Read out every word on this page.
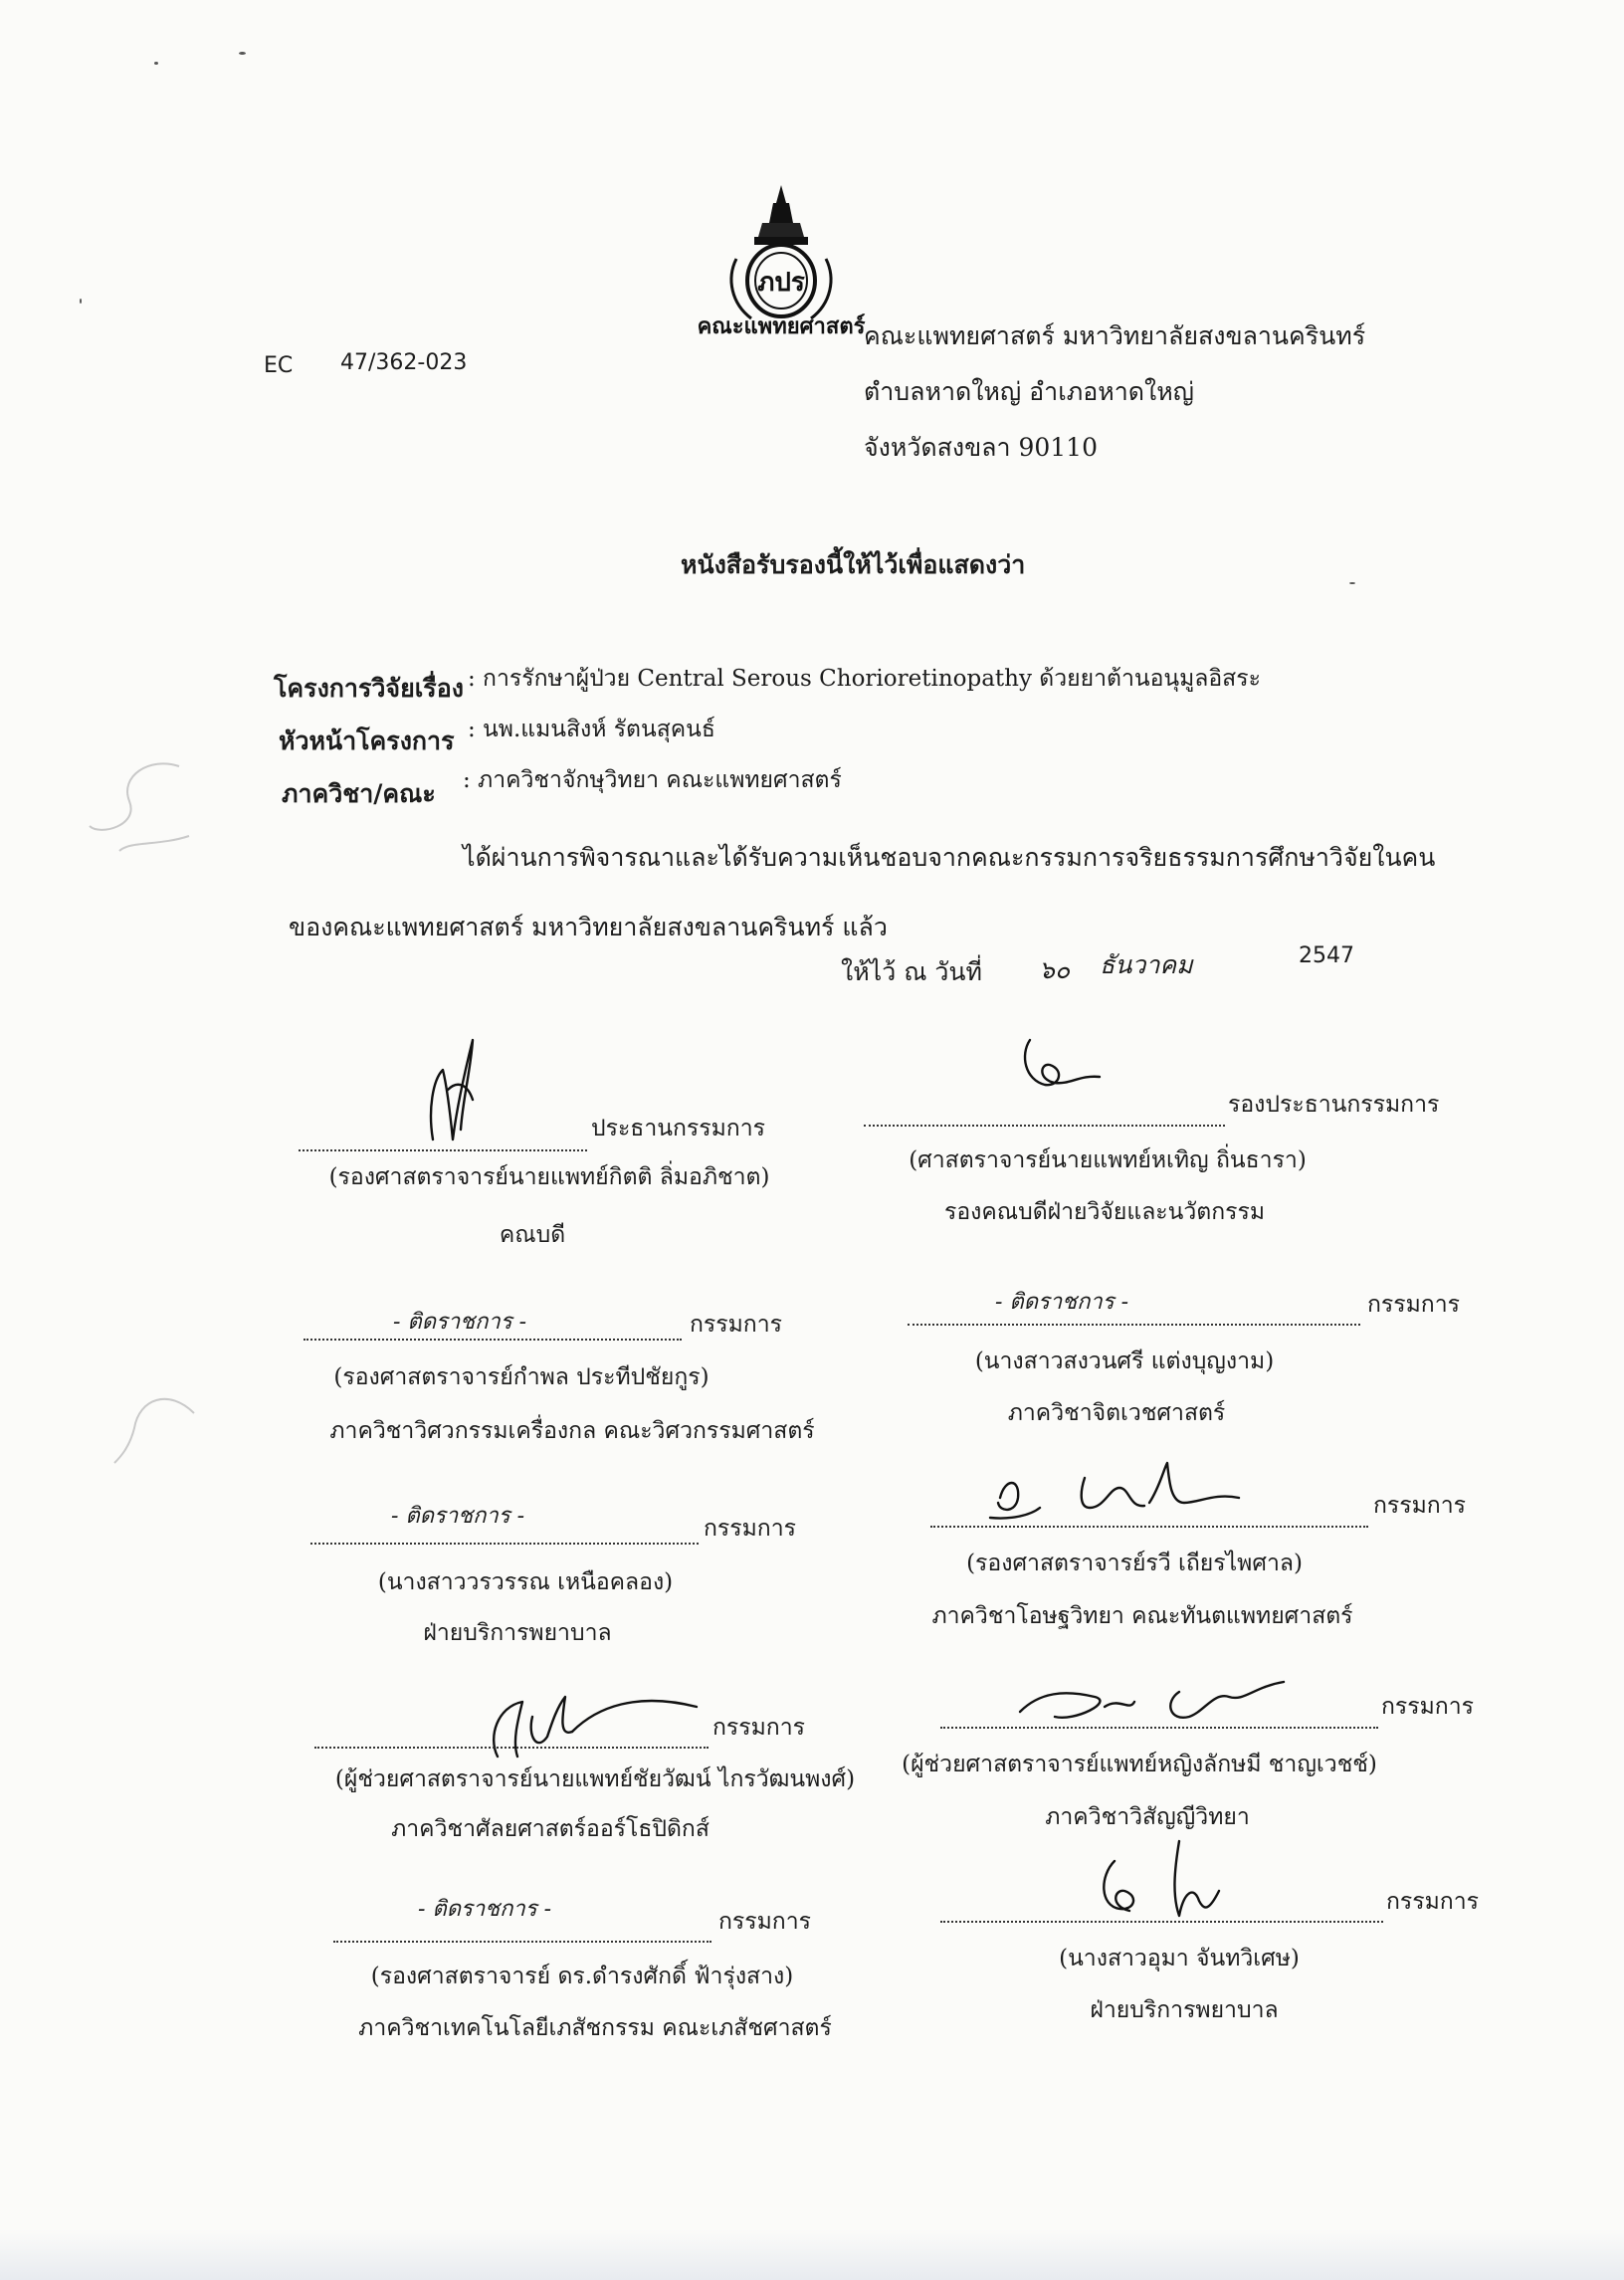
ภปร
คณะแพทยศาสตร์
EC 47/362-023
คณะแพทยศาสตร์ มหาวิทยาลัยสงขลานครินทร์
ตำบลหาดใหญ่ อำเภอหาดใหญ่
จังหวัดสงขลา 90110
หนังสือรับรองนี้ให้ไว้เพื่อแสดงว่า
โครงการวิจัยเรื่อง : การรักษาผู้ป่วย Central Serous Chorioretinopathy ด้วยยาต้านอนุมูลอิสระ
หัวหน้าโครงการ : นพ.แมนสิงห์ รัตนสุคนธ์
ภาควิชา/คณะ : ภาควิชาจักษุวิทยา คณะแพทยศาสตร์
ได้ผ่านการพิจารณาและได้รับความเห็นชอบจากคณะกรรมการจริยธรรมการศึกษาวิจัยในคน
ของคณะแพทยศาสตร์ มหาวิทยาลัยสงขลานครินทร์ แล้ว
ให้ไว้ ณ วันที่ ๖๐ ธันวาคม	2547
ประธานกรรมการ
(รองศาสตราจารย์นายแพทย์กิตติ ลิ่มอภิชาต)
คณบดี
รองประธานกรรมการ
(ศาสตราจารย์นายแพทย์หเทิญ ถิ่นธารา)
รองคณบดีฝ่ายวิจัยและนวัตกรรม
- ติดราชการ -	กรรมการ
(รองศาสตราจารย์กำพล ประทีปชัยกูร)
ภาควิชาวิศวกรรมเครื่องกล คณะวิศวกรรมศาสตร์
- ติดราชการ -	กรรมการ
(นางสาวสงวนศรี แต่งบุญงาม)
ภาควิชาจิตเวชศาสตร์
- ติดราชการ -	กรรมการ
(นางสาววรวรรณ เหนือคลอง)
ฝ่ายบริการพยาบาล
กรรมการ
(รองศาสตราจารย์รวี เถียรไพศาล)
ภาควิชาโอษฐวิทยา คณะทันตแพทยศาสตร์
กรรมการ
(ผู้ช่วยศาสตราจารย์นายแพทย์ชัยวัฒน์ ไกรวัฒนพงศ์)
ภาควิชาศัลยศาสตร์ออร์โธปิดิกส์
กรรมการ
(ผู้ช่วยศาสตราจารย์แพทย์หญิงลักษมี ชาญเวชช์)
ภาควิชาวิสัญญีวิทยา
- ติดราชการ -	กรรมการ
(รองศาสตราจารย์ ดร.ดำรงศักดิ์ ฟ้ารุ่งสาง)
ภาควิชาเทคโนโลยีเภสัชกรรม คณะเภสัชศาสตร์
กรรมการ
(นางสาวอุมา จันทวิเศษ)
ฝ่ายบริการพยาบาล
